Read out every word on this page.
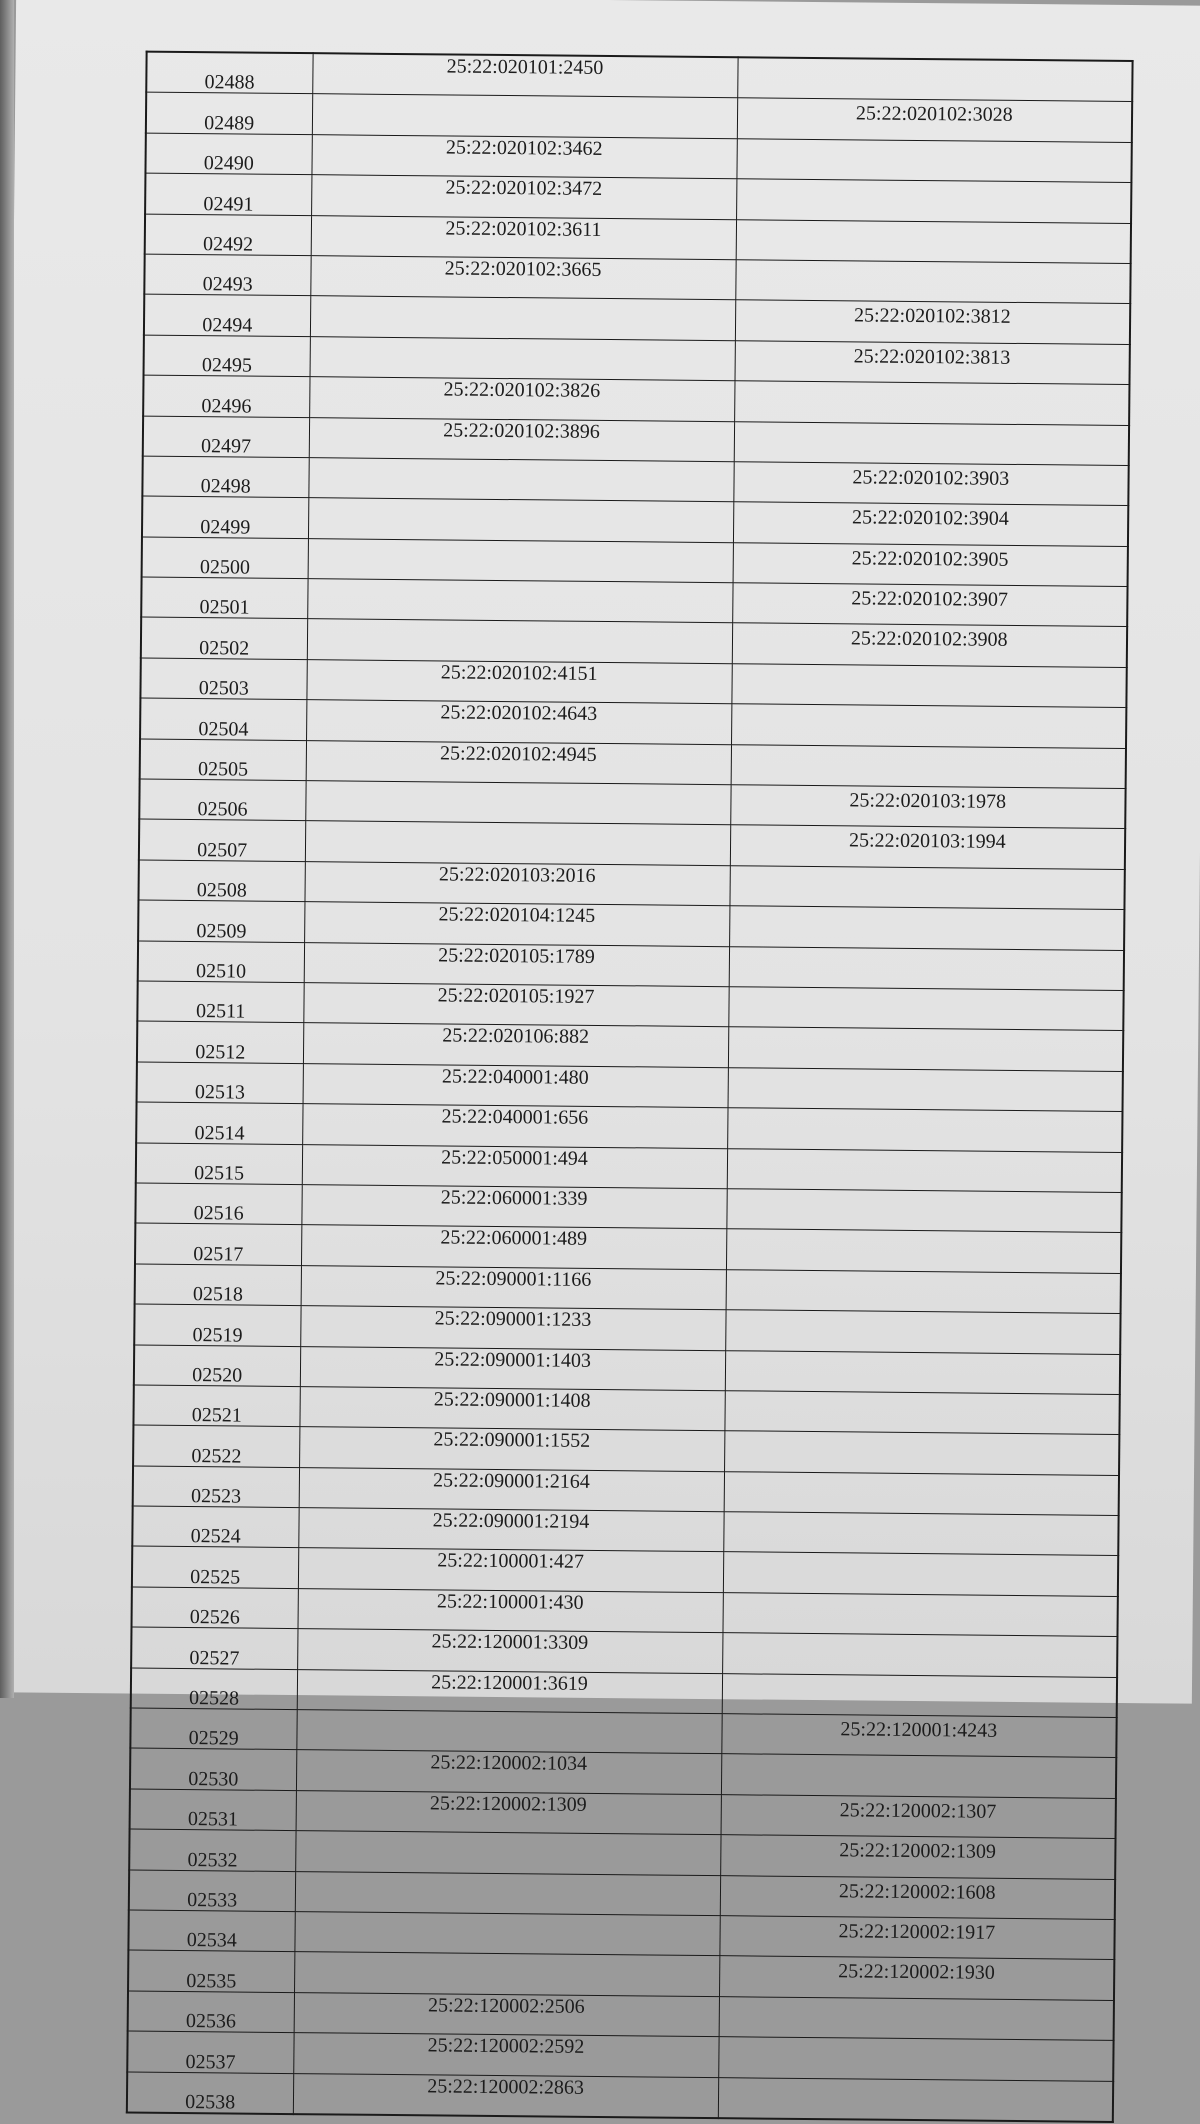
02488	25:22:020101:2450	
02489		25:22:020102:3028
02490	25:22:020102:3462	
02491	25:22:020102:3472	
02492	25:22:020102:3611	
02493	25:22:020102:3665	
02494		25:22:020102:3812
02495		25:22:020102:3813
02496	25:22:020102:3826	
02497	25:22:020102:3896	
02498		25:22:020102:3903
02499		25:22:020102:3904
02500		25:22:020102:3905
02501		25:22:020102:3907
02502		25:22:020102:3908
02503	25:22:020102:4151	
02504	25:22:020102:4643	
02505	25:22:020102:4945	
02506		25:22:020103:1978
02507		25:22:020103:1994
02508	25:22:020103:2016	
02509	25:22:020104:1245	
02510	25:22:020105:1789	
02511	25:22:020105:1927	
02512	25:22:020106:882	
02513	25:22:040001:480	
02514	25:22:040001:656	
02515	25:22:050001:494	
02516	25:22:060001:339	
02517	25:22:060001:489	
02518	25:22:090001:1166	
02519	25:22:090001:1233	
02520	25:22:090001:1403	
02521	25:22:090001:1408	
02522	25:22:090001:1552	
02523	25:22:090001:2164	
02524	25:22:090001:2194	
02525	25:22:100001:427	
02526	25:22:100001:430	
02527	25:22:120001:3309	
02528	25:22:120001:3619	
02529		25:22:120001:4243
02530	25:22:120002:1034	
02531	25:22:120002:1309	25:22:120002:1307
02532		25:22:120002:1309
02533		25:22:120002:1608
02534		25:22:120002:1917
02535		25:22:120002:1930
02536	25:22:120002:2506	
02537	25:22:120002:2592	
02538	25:22:120002:2863	
